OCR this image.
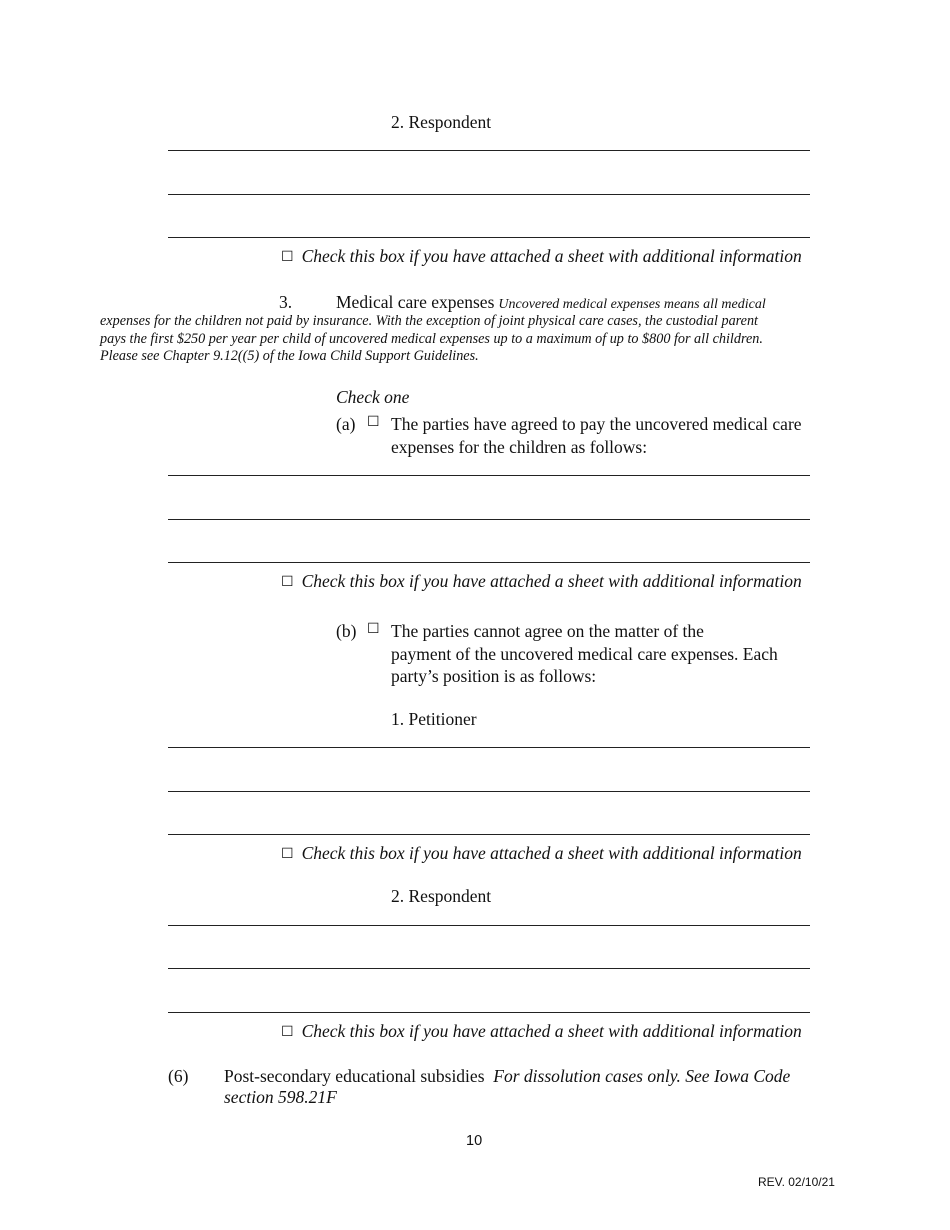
2. Respondent
☐ Check this box if you have attached a sheet with additional information
3.	Medical care expenses Uncovered medical expenses means all medical
expenses for the children not paid by insurance. With the exception of joint physical care cases, the custodial parent
pays the first $250 per year per child of uncovered medical expenses up to a maximum of up to $800 for all children.
Please see Chapter 9.12((5) of the Iowa Child Support Guidelines.
Check one
(a) ☐ The parties have agreed to pay the uncovered medical care
expenses for the children as follows:
☐ Check this box if you have attached a sheet with additional information
(b) ☐ The parties cannot agree on the matter of the
payment of the uncovered medical care expenses. Each
party’s position is as follows:
1. Petitioner
☐ Check this box if you have attached a sheet with additional information
2. Respondent
☐ Check this box if you have attached a sheet with additional information
(6) Post-secondary educational subsidies For dissolution cases only. See Iowa Code
section 598.21F
10
REV. 02/10/21
